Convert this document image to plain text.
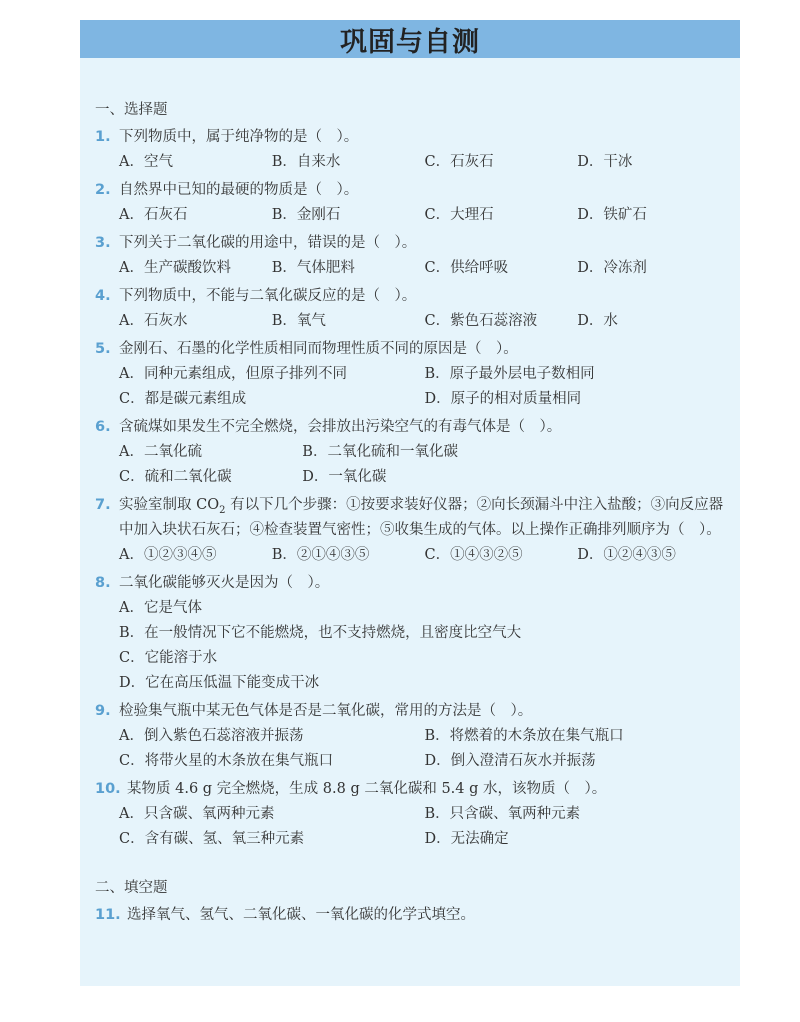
巩固与自测
一、选择题
1. 下列物质中，属于纯净物的是（　）。
A．空气	B．自来水	C．石灰石	D．干冰
2. 自然界中已知的最硬的物质是（　）。
A．石灰石	B．金刚石	C．大理石	D．铁矿石
3. 下列关于二氧化碳的用途中，错误的是（　）。
A．生产碳酸饮料	B．气体肥料	C．供给呼吸	D．冷冻剂
4. 下列物质中，不能与二氧化碳反应的是（　）。
A．石灰水	B．氧气	C．紫色石蕊溶液	D．水
5. 金刚石、石墨的化学性质相同而物理性质不同的原因是（　）。
A．同种元素组成，但原子排列不同	B．原子最外层电子数相同
C．都是碳元素组成	D．原子的相对质量相同
6. 含硫煤如果发生不完全燃烧，会排放出污染空气的有毒气体是（　）。
A．二氧化硫	B．二氧化硫和一氧化碳
C．硫和二氧化碳	D．一氧化碳
7. 实验室制取 $CO_2$ 有以下几个步骤：①按要求装好仪器；②向长颈漏斗中注入盐酸；③向反应器中加入块状石灰石；④检查装置气密性；⑤收集生成的气体。以上操作正确排列顺序为（　）。
A．①②③④⑤	B．②①④③⑤	C．①④③②⑤	D．①②④③⑤
8. 二氧化碳能够灭火是因为（　）。
A．它是气体
B．在一般情况下它不能燃烧，也不支持燃烧，且密度比空气大
C．它能溶于水
D．它在高压低温下能变成干冰
9. 检验集气瓶中某无色气体是否是二氧化碳，常用的方法是（　）。
A．倒入紫色石蕊溶液并振荡	B．将燃着的木条放在集气瓶口
C．将带火星的木条放在集气瓶口	D．倒入澄清石灰水并振荡
10. 某物质 4.6 g 完全燃烧，生成 8.8 g 二氧化碳和 5.4 g 水，该物质（　）。
A．只含碳、氧两种元素	B．只含碳、氧两种元素
C．含有碳、氢、氧三种元素	D．无法确定
二、填空题
11. 选择氧气、氢气、二氧化碳、一氧化碳的化学式填空。
